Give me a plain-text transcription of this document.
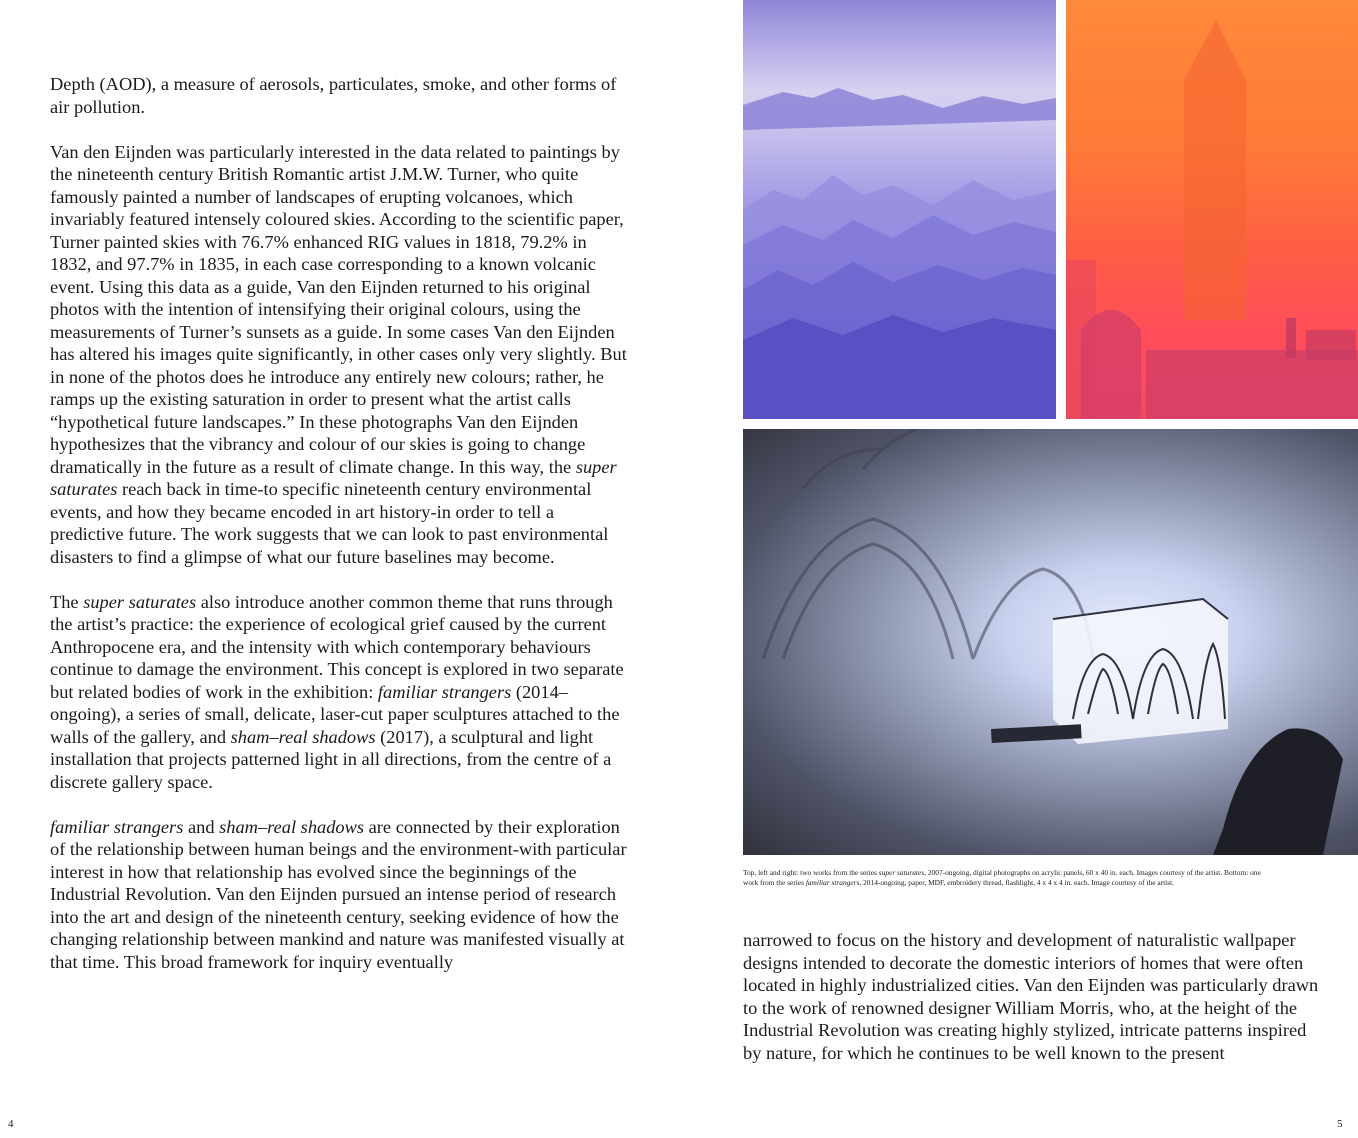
Depth (AOD), a measure of aerosols, particulates, smoke, and other forms of air pollution.

Van den Eijnden was particularly interested in the data related to paintings by the nineteenth century British Romantic artist J.M.W. Turner, who quite famously painted a number of landscapes of erupting volcanoes, which invariably featured intensely coloured skies. According to the scientific paper, Turner painted skies with 76.7% enhanced RIG values in 1818, 79.2% in 1832, and 97.7% in 1835, in each case corresponding to a known volcanic event. Using this data as a guide, Van den Eijnden returned to his original photos with the intention of intensifying their original colours, using the measurements of Turner’s sunsets as a guide. In some cases Van den Eijnden has altered his images quite significantly, in other cases only very slightly. But in none of the photos does he introduce any entirely new colours; rather, he ramps up the existing saturation in order to present what the artist calls “hypothetical future landscapes.” In these photographs Van den Eijnden hypothesizes that the vibrancy and colour of our skies is going to change dramatically in the future as a result of climate change. In this way, the super saturates reach back in time-to specific nineteenth century environmental events, and how they became encoded in art history-in order to tell a predictive future. The work suggests that we can look to past environmental disasters to find a glimpse of what our future baselines may become.

The super saturates also introduce another common theme that runs through the artist’s practice: the experience of ecological grief caused by the current Anthropocene era, and the intensity with which contemporary behaviours continue to damage the environment. This concept is explored in two separate but related bodies of work in the exhibition: familiar strangers (2014–ongoing), a series of small, delicate, laser-cut paper sculptures attached to the walls of the gallery, and sham–real shadows (2017), a sculptural and light installation that projects patterned light in all directions, from the centre of a discrete gallery space.

familiar strangers and sham–real shadows are connected by their exploration of the relationship between human beings and the environment-with particular interest in how that relationship has evolved since the beginnings of the Industrial Revolution. Van den Eijnden pursued an intense period of research into the art and design of the nineteenth century, seeking evidence of how the changing relationship between mankind and nature was manifested visually at that time. This broad framework for inquiry eventually

Top, left and right: two works from the series super saturates, 2007-ongoing, digital photographs on acrylic panels, 60 x 40 in. each. Images courtesy of the artist. Bottom: one work from the series familiar strangers, 2014-ongoing, paper, MDF, embroidery thread, flashlight, 4 x 4 x 4 in. each. Image courtesy of the artist.

narrowed to focus on the history and development of naturalistic wallpaper designs intended to decorate the domestic interiors of homes that were often located in highly industrialized cities. Van den Eijnden was particularly drawn to the work of renowned designer William Morris, who, at the height of the Industrial Revolution was creating highly stylized, intricate patterns inspired by nature, for which he continues to be well known to the present

4	5
